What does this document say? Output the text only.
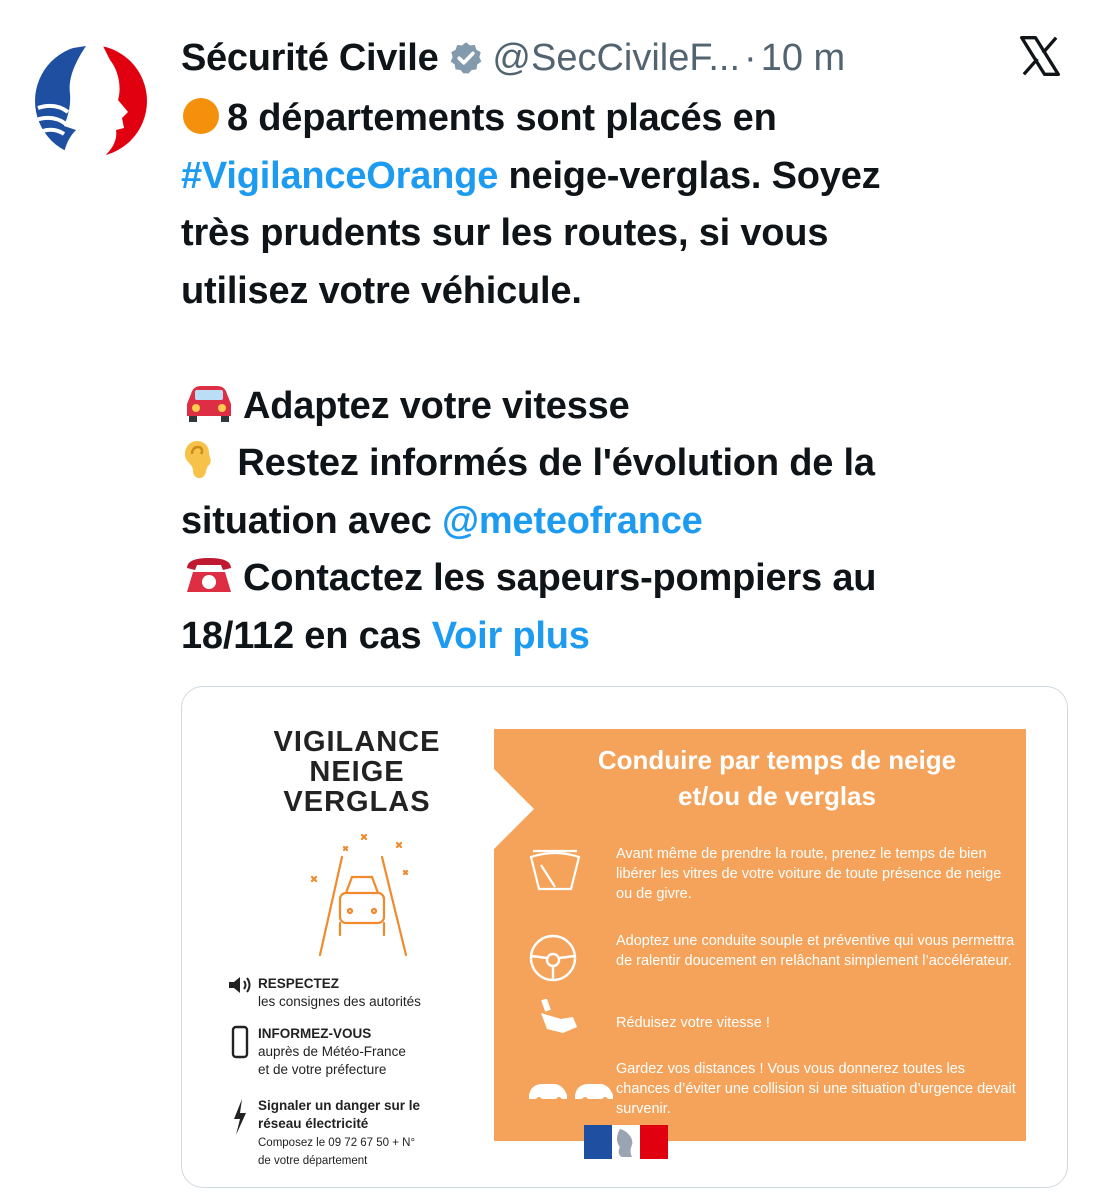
Sécurité Civile @SecCivileF... · 10 m
8 départements sont placés en
#VigilanceOrange neige-verglas. Soyez
très prudents sur les routes, si vous
utilisez votre véhicule.
Adaptez votre vitesse
Restez informés de l'évolution de la
situation avec @meteofrance
Contactez les sapeurs-pompiers au
18/112 en cas Voir plus
VIGILANCE
NEIGE
VERGLAS
RESPECTEZ
les consignes des autorités
INFORMEZ-VOUS
auprès de Météo-France
et de votre préfecture
Signaler un danger sur le
réseau électricité
Composez le 09 72 67 50 + N°
de votre département
Conduire par temps de neige
et/ou de verglas
Avant même de prendre la route, prenez le temps de bien libérer les vitres de votre voiture de toute présence de neige ou de givre.
Adoptez une conduite souple et préventive qui vous permettra de ralentir doucement en relâchant simplement l’accélérateur.
Réduisez votre vitesse !
Gardez vos distances ! Vous vous donnerez toutes les chances d’éviter une collision si une situation d’urgence devait survenir.
